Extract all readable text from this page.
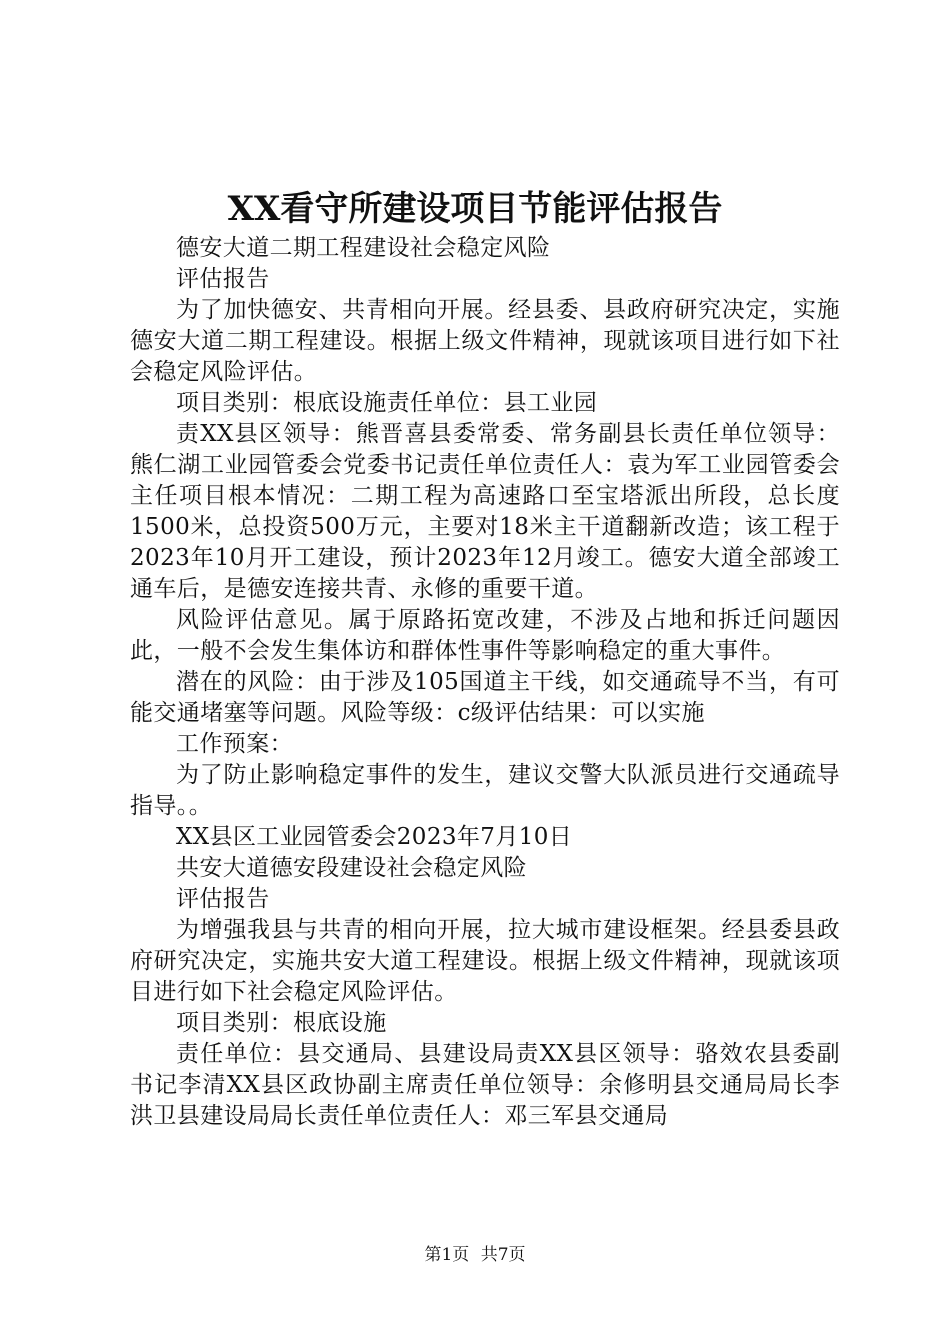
XX看守所建设项目节能评估报告

德安大道二期工程建设社会稳定风险

评估报告

为了加快德安、共青相向开展。经县委、县政府研究决定，实施德安大道二期工程建设。根据上级文件精神，现就该项目进行如下社会稳定风险评估。

项目类别：根底设施责任单位：县工业园

责XX县区领导：熊晋喜县委常委、常务副县长责任单位领导：熊仁湖工业园管委会党委书记责任单位责任人：袁为军工业园管委会主任项目根本情况：二期工程为高速路口至宝塔派出所段，总长度1500米，总投资500万元，主要对18米主干道翻新改造；该工程于2023年10月开工建设，预计2023年12月竣工。德安大道全部竣工通车后，是德安连接共青、永修的重要干道。

风险评估意见。属于原路拓宽改建，不涉及占地和拆迁问题因此，一般不会发生集体访和群体性事件等影响稳定的重大事件。

潜在的风险：由于涉及105国道主干线，如交通疏导不当，有可能交通堵塞等问题。风险等级：c级评估结果：可以实施

工作预案：

为了防止影响稳定事件的发生，建议交警大队派员进行交通疏导指导。。

XX县区工业园管委会2023年7月10日

共安大道德安段建设社会稳定风险

评估报告

为增强我县与共青的相向开展，拉大城市建设框架。经县委县政府研究决定，实施共安大道工程建设。根据上级文件精神，现就该项目进行如下社会稳定风险评估。

项目类别：根底设施

责任单位：县交通局、县建设局责XX县区领导：骆效农县委副书记李清XX县区政协副主席责任单位领导：余修明县交通局局长李洪卫县建设局局长责任单位责任人：邓三军县交通局

第1页 共7页
